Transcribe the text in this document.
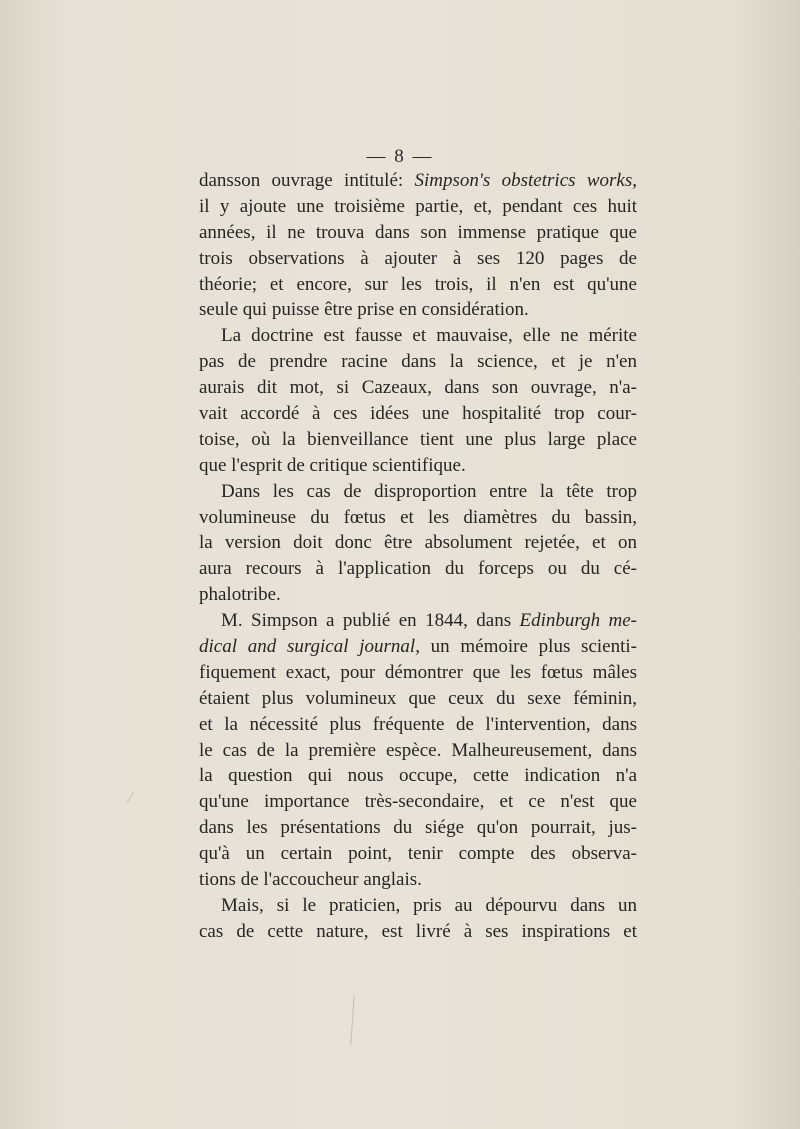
— 8 —
dansson ouvrage intitulé: Simpson's obstetrics works,
il y ajoute une troisième partie, et, pendant ces huit
années, il ne trouva dans son immense pratique que
trois observations à ajouter à ses 120 pages de
théorie; et encore, sur les trois, il n'en est qu'une
seule qui puisse être prise en considération.
La doctrine est fausse et mauvaise, elle ne mérite
pas de prendre racine dans la science, et je n'en
aurais dit mot, si Cazeaux, dans son ouvrage, n'a-
vait accordé à ces idées une hospitalité trop cour-
toise, où la bienveillance tient une plus large place
que l'esprit de critique scientifique.
Dans les cas de disproportion entre la tête trop
volumineuse du fœtus et les diamètres du bassin,
la version doit donc être absolument rejetée, et on
aura recours à l'application du forceps ou du cé-
phalotribe.
M. Simpson a publié en 1844, dans Edinburgh me-
dical and surgical journal, un mémoire plus scienti-
fiquement exact, pour démontrer que les fœtus mâles
étaient plus volumineux que ceux du sexe féminin,
et la nécessité plus fréquente de l'intervention, dans
le cas de la première espèce. Malheureusement, dans
la question qui nous occupe, cette indication n'a
qu'une importance très-secondaire, et ce n'est que
dans les présentations du siége qu'on pourrait, jus-
qu'à un certain point, tenir compte des observa-
tions de l'accoucheur anglais.
Mais, si le praticien, pris au dépourvu dans un
cas de cette nature, est livré à ses inspirations et
